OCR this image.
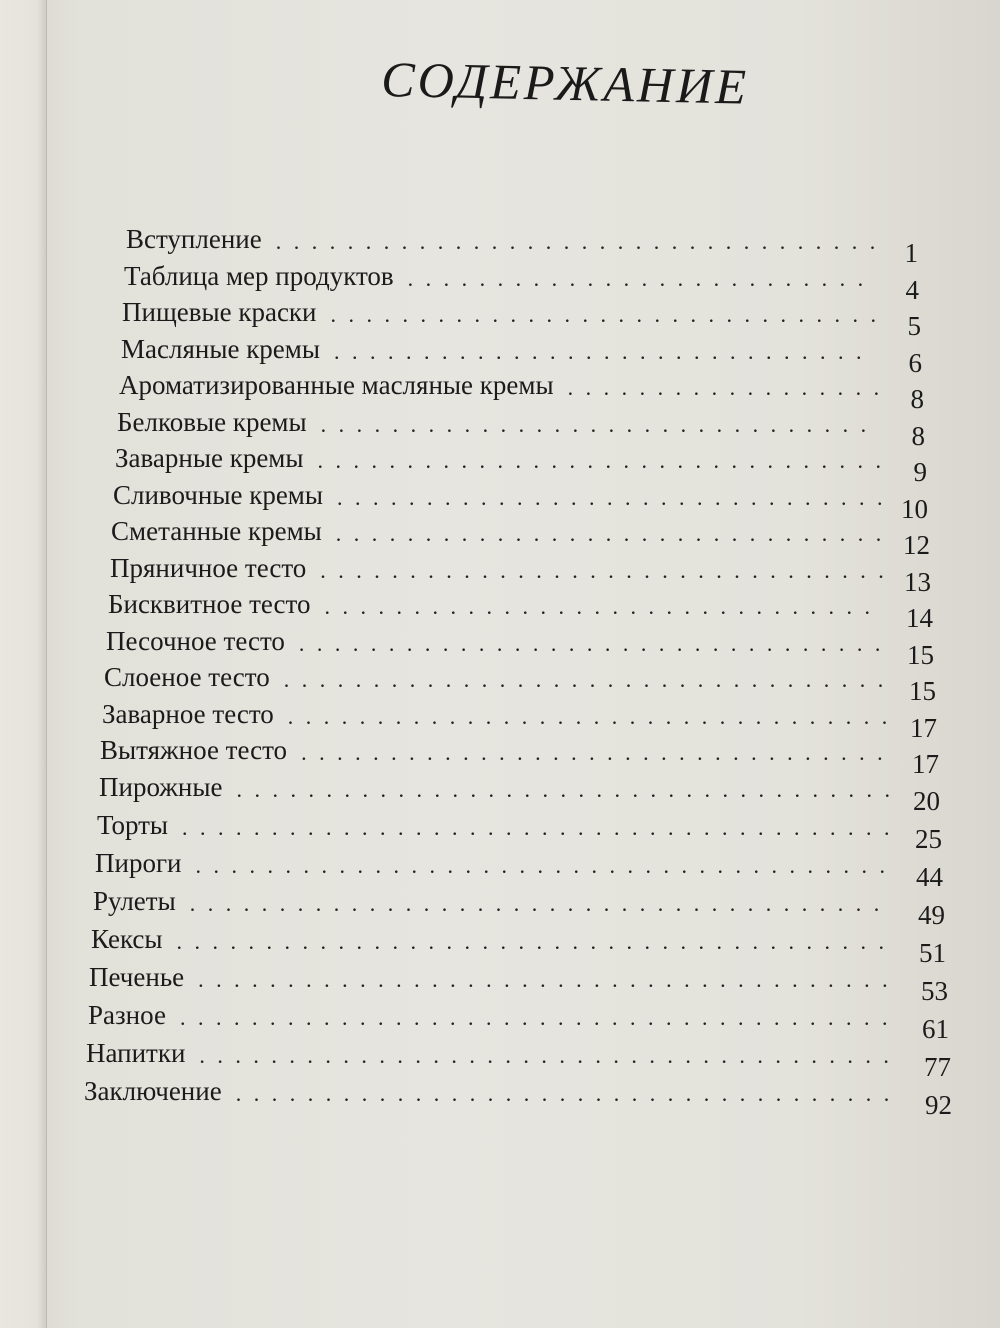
СОДЕРЖАНИЕ
Вступление .................................. 1
Таблица мер продуктов ..........................	4
Пищевые краски ............................... 5
Масляные кремы ..............................	6
Ароматизированные масляные кремы .................. 8
Белковые кремы ...............................	8
Заварные кремы ................................ 9
Сливочные кремы ............................... 10
Сметанные кремы ............................... 12
Пряничное тесто ................................ 13
Бисквитное тесто ............................... 14
Песочное тесто ................................. 15
Слоеное тесто .................................. 15
Заварное тесто .................................. 17
Вытяжное тесто ................................. 17
Пирожные ..................................... 20
Торты ........................................ 25
Пироги ....................................... 44
Рулеты ....................................... 49
Кексы ........................................ 51
Печенье ....................................... 53
Разное ........................................ 61
Напитки ....................................... 77
Заключение ..................................... 92
